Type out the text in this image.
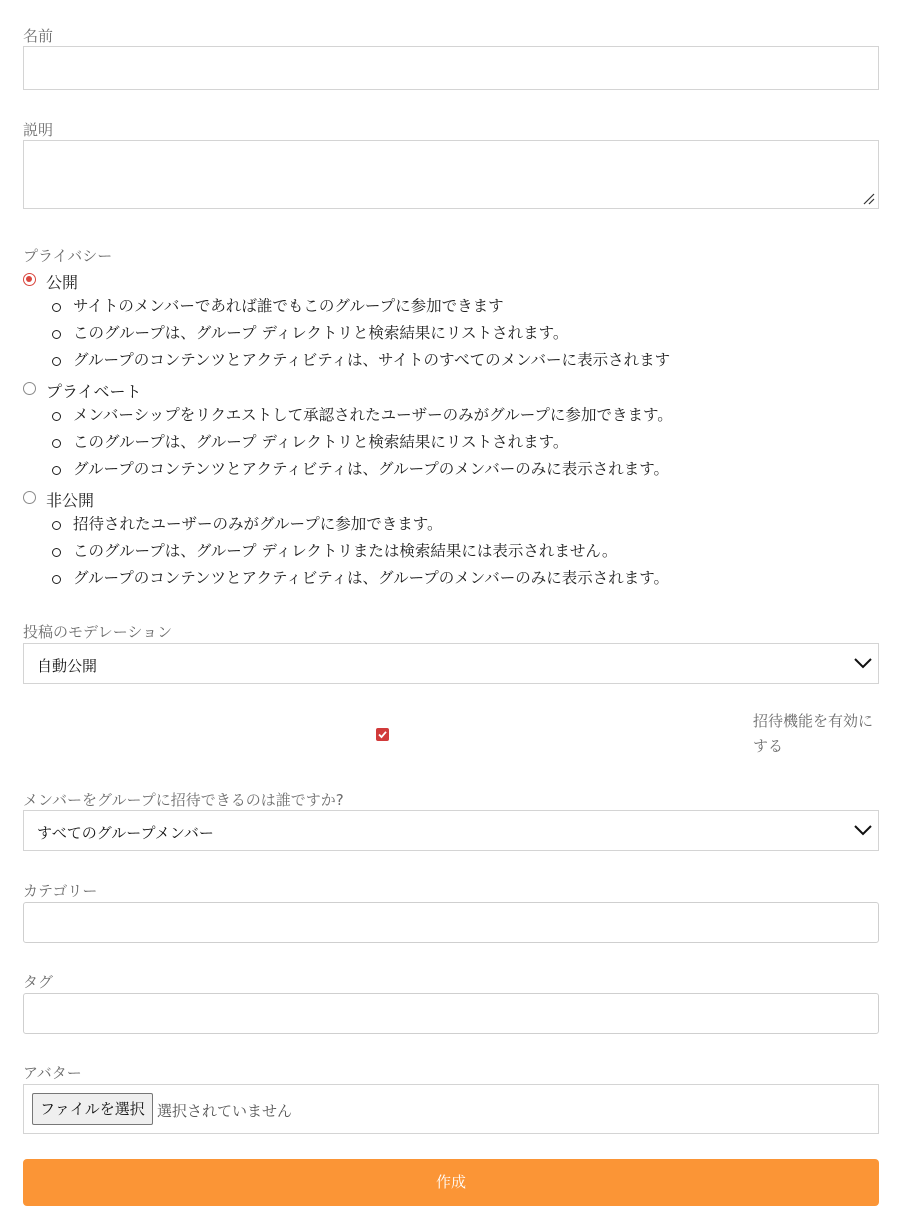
名前
説明
プライバシー
公開
サイトのメンバーであれば誰でもこのグループに参加できます
このグループは、グループ ディレクトリと検索結果にリストされます。
グループのコンテンツとアクティビティは、サイトのすべてのメンバーに表示されます
プライベート
メンバーシップをリクエストして承認されたユーザーのみがグループに参加できます。
このグループは、グループ ディレクトリと検索結果にリストされます。
グループのコンテンツとアクティビティは、グループのメンバーのみに表示されます。
非公開
招待されたユーザーのみがグループに参加できます。
このグループは、グループ ディレクトリまたは検索結果には表示されません。
グループのコンテンツとアクティビティは、グループのメンバーのみに表示されます。
投稿のモデレーション
自動公開
招待機能を有効にする
メンバーをグループに招待できるのは誰ですか?
すべてのグループメンバー
カテゴリー
タグ
アバター
ファイルを選択 選択されていません
作成
